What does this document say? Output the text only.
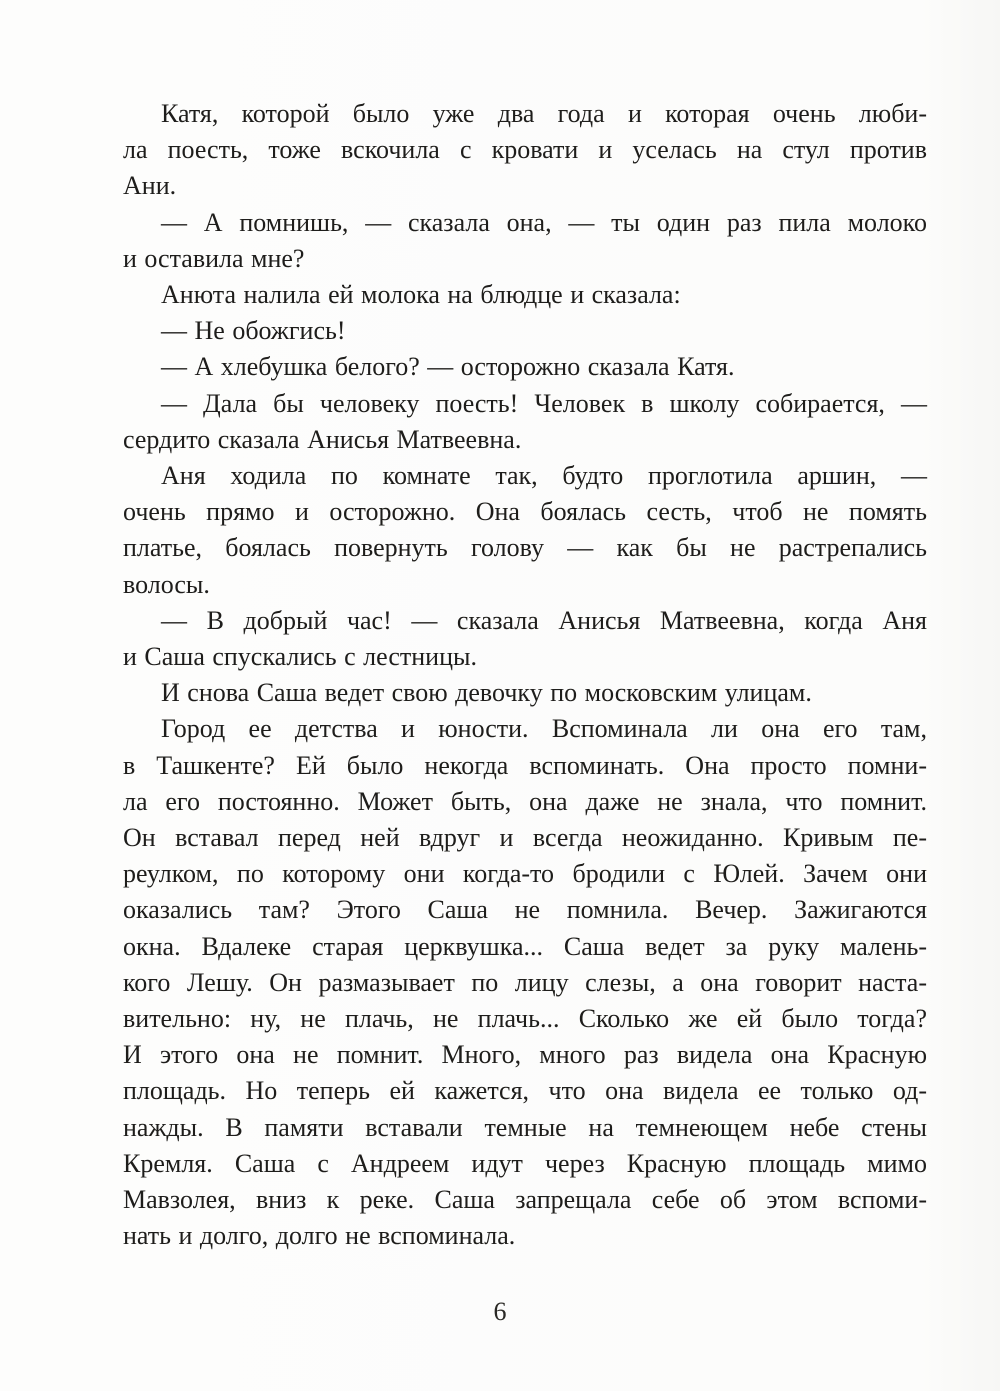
Катя, которой было уже два года и которая очень люби-
ла поесть, тоже вскочила с кровати и уселась на стул против
Ани.
— А помнишь, — сказала она, — ты один раз пила молоко
и оставила мне?
Анюта налила ей молока на блюдце и сказала:
— Не обожгись!
— А хлебушка белого? — осторожно сказала Катя.
— Дала бы человеку поесть! Человек в школу собирается, —
сердито сказала Анисья Матвеевна.
Аня ходила по комнате так, будто проглотила аршин, —
очень прямо и осторожно. Она боялась сесть, чтоб не помять
платье, боялась повернуть голову — как бы не растрепались
волосы.
— В добрый час! — сказала Анисья Матвеевна, когда Аня
и Саша спускались с лестницы.
И снова Саша ведет свою девочку по московским улицам.
Город ее детства и юности. Вспоминала ли она его там,
в Ташкенте? Ей было некогда вспоминать. Она просто помни-
ла его постоянно. Может быть, она даже не знала, что помнит.
Он вставал перед ней вдруг и всегда неожиданно. Кривым пе-
реулком, по которому они когда-то бродили с Юлей. Зачем они
оказались там? Этого Саша не помнила. Вечер. Зажигаются
окна. Вдалеке старая церквушка... Саша ведет за руку малень-
кого Лешу. Он размазывает по лицу слезы, а она говорит наста-
вительно: ну, не плачь, не плачь... Сколько же ей было тогда?
И этого она не помнит. Много, много раз видела она Красную
площадь. Но теперь ей кажется, что она видела ее только од-
нажды. В памяти вставали темные на темнеющем небе стены
Кремля. Саша с Андреем идут через Красную площадь мимо
Мавзолея, вниз к реке. Саша запрещала себе об этом вспоми-
нать и долго, долго не вспоминала.
6
